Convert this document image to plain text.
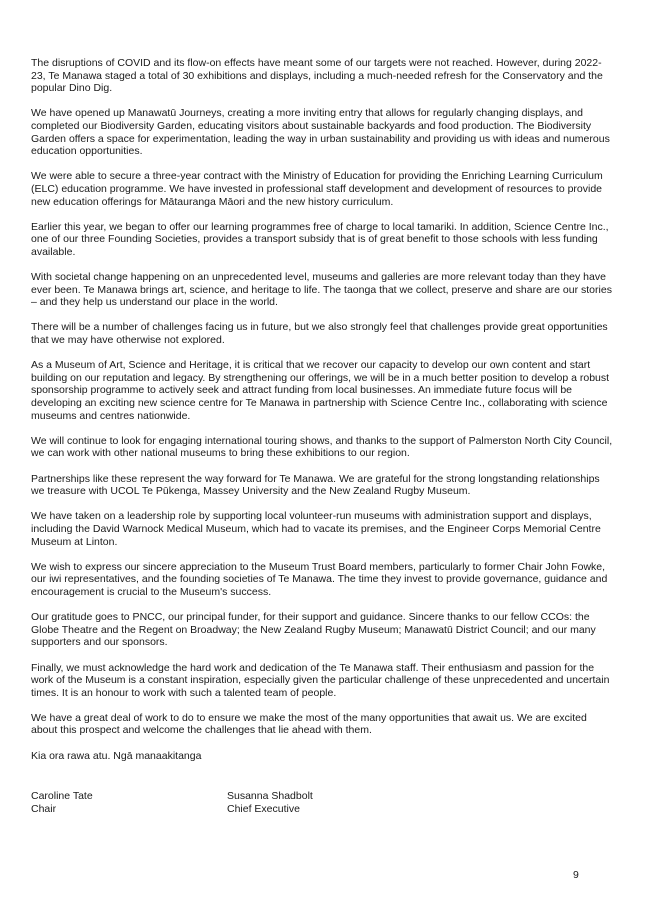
The disruptions of COVID and its flow-on effects have meant some of our targets were not reached. However, during 2022-23, Te Manawa staged a total of 30 exhibitions and displays, including a much-needed refresh for the Conservatory and the popular Dino Dig.

We have opened up Manawatū Journeys, creating a more inviting entry that allows for regularly changing displays, and completed our Biodiversity Garden, educating visitors about sustainable backyards and food production. The Biodiversity Garden offers a space for experimentation, leading the way in urban sustainability and providing us with ideas and numerous education opportunities.

We were able to secure a three-year contract with the Ministry of Education for providing the Enriching Learning Curriculum (ELC) education programme. We have invested in professional staff development and development of resources to provide new education offerings for Mātauranga Māori and the new history curriculum.

Earlier this year, we began to offer our learning programmes free of charge to local tamariki. In addition, Science Centre Inc., one of our three Founding Societies, provides a transport subsidy that is of great benefit to those schools with less funding available.

With societal change happening on an unprecedented level, museums and galleries are more relevant today than they have ever been. Te Manawa brings art, science, and heritage to life. The taonga that we collect, preserve and share are our stories – and they help us understand our place in the world.

There will be a number of challenges facing us in future, but we also strongly feel that challenges provide great opportunities that we may have otherwise not explored.

As a Museum of Art, Science and Heritage, it is critical that we recover our capacity to develop our own content and start building on our reputation and legacy. By strengthening our offerings, we will be in a much better position to develop a robust sponsorship programme to actively seek and attract funding from local businesses. An immediate future focus will be developing an exciting new science centre for Te Manawa in partnership with Science Centre Inc., collaborating with science museums and centres nationwide.

We will continue to look for engaging international touring shows, and thanks to the support of Palmerston North City Council, we can work with other national museums to bring these exhibitions to our region.

Partnerships like these represent the way forward for Te Manawa. We are grateful for the strong longstanding relationships we treasure with UCOL Te Pūkenga, Massey University and the New Zealand Rugby Museum.

We have taken on a leadership role by supporting local volunteer-run museums with administration support and displays, including the David Warnock Medical Museum, which had to vacate its premises, and the Engineer Corps Memorial Centre Museum at Linton.

We wish to express our sincere appreciation to the Museum Trust Board members, particularly to former Chair John Fowke, our iwi representatives, and the founding societies of Te Manawa. The time they invest to provide governance, guidance and encouragement is crucial to the Museum's success.

Our gratitude goes to PNCC, our principal funder, for their support and guidance. Sincere thanks to our fellow CCOs: the Globe Theatre and the Regent on Broadway; the New Zealand Rugby Museum; Manawatū District Council; and our many supporters and our sponsors.

Finally, we must acknowledge the hard work and dedication of the Te Manawa staff. Their enthusiasm and passion for the work of the Museum is a constant inspiration, especially given the particular challenge of these unprecedented and uncertain times. It is an honour to work with such a talented team of people.

We have a great deal of work to do to ensure we make the most of the many opportunities that await us. We are excited about this prospect and welcome the challenges that lie ahead with them.

Kia ora rawa atu. Ngā manaakitanga

Caroline Tate
Chair
Susanna Shadbolt
Chief Executive
9
